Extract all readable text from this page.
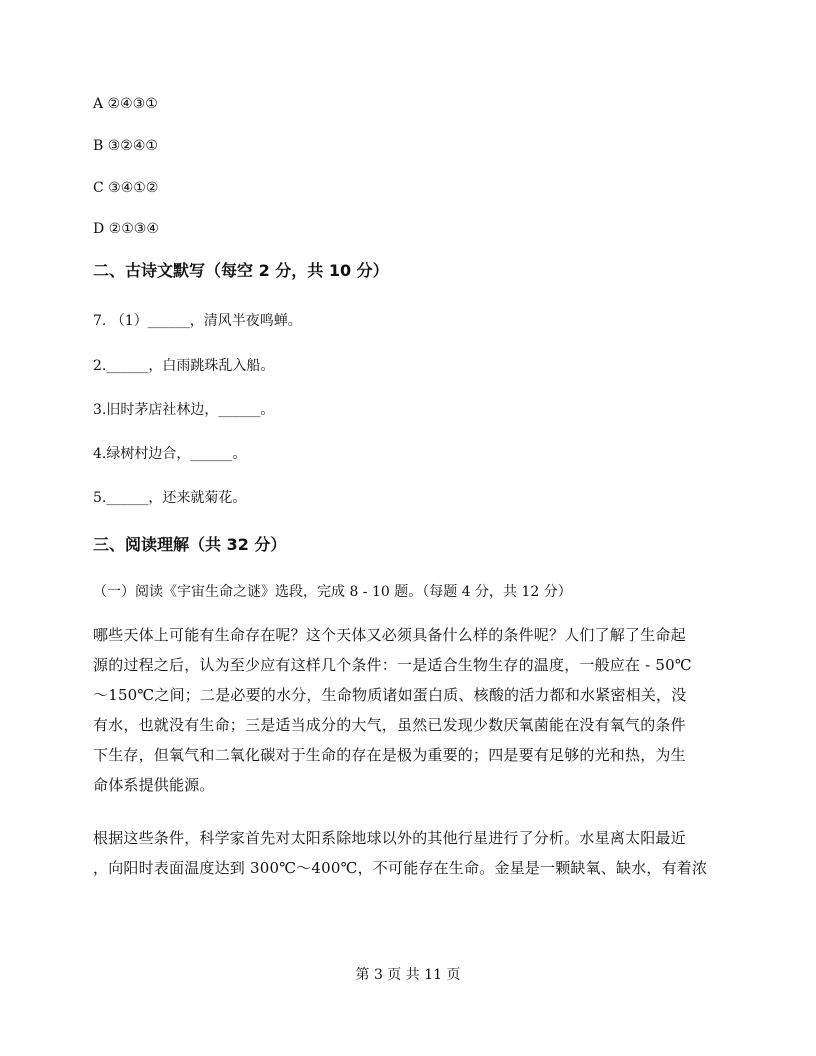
A ②④③①
B ③②④①
C ③④①②
D ②①③④
二、古诗文默写（每空 2 分，共 10 分）
7. （1）______，清风半夜鸣蝉。
2.______，白雨跳珠乱入船。
3.旧时茅店社林边，______。
4.绿树村边合，______。
5.______，还来就菊花。
三、阅读理解（共 32 分）
（一）阅读《宇宙生命之谜》选段，完成 8 - 10 题。（每题 4 分，共 12 分）
哪些天体上可能有生命存在呢？这个天体又必须具备什么样的条件呢？人们了解了生命起
源的过程之后，认为至少应有这样几个条件：一是适合生物生存的温度，一般应在 - 50℃
～150℃之间；二是必要的水分，生命物质诸如蛋白质、核酸的活力都和水紧密相关，没
有水，也就没有生命；三是适当成分的大气，虽然已发现少数厌氧菌能在没有氧气的条件
下生存，但氧气和二氧化碳对于生命的存在是极为重要的；四是要有足够的光和热，为生
命体系提供能源。
根据这些条件，科学家首先对太阳系除地球以外的其他行星进行了分析。水星离太阳最近
，向阳时表面温度达到 300℃～400℃，不可能存在生命。金星是一颗缺氧、缺水，有着浓
第 3 页 共 11 页
